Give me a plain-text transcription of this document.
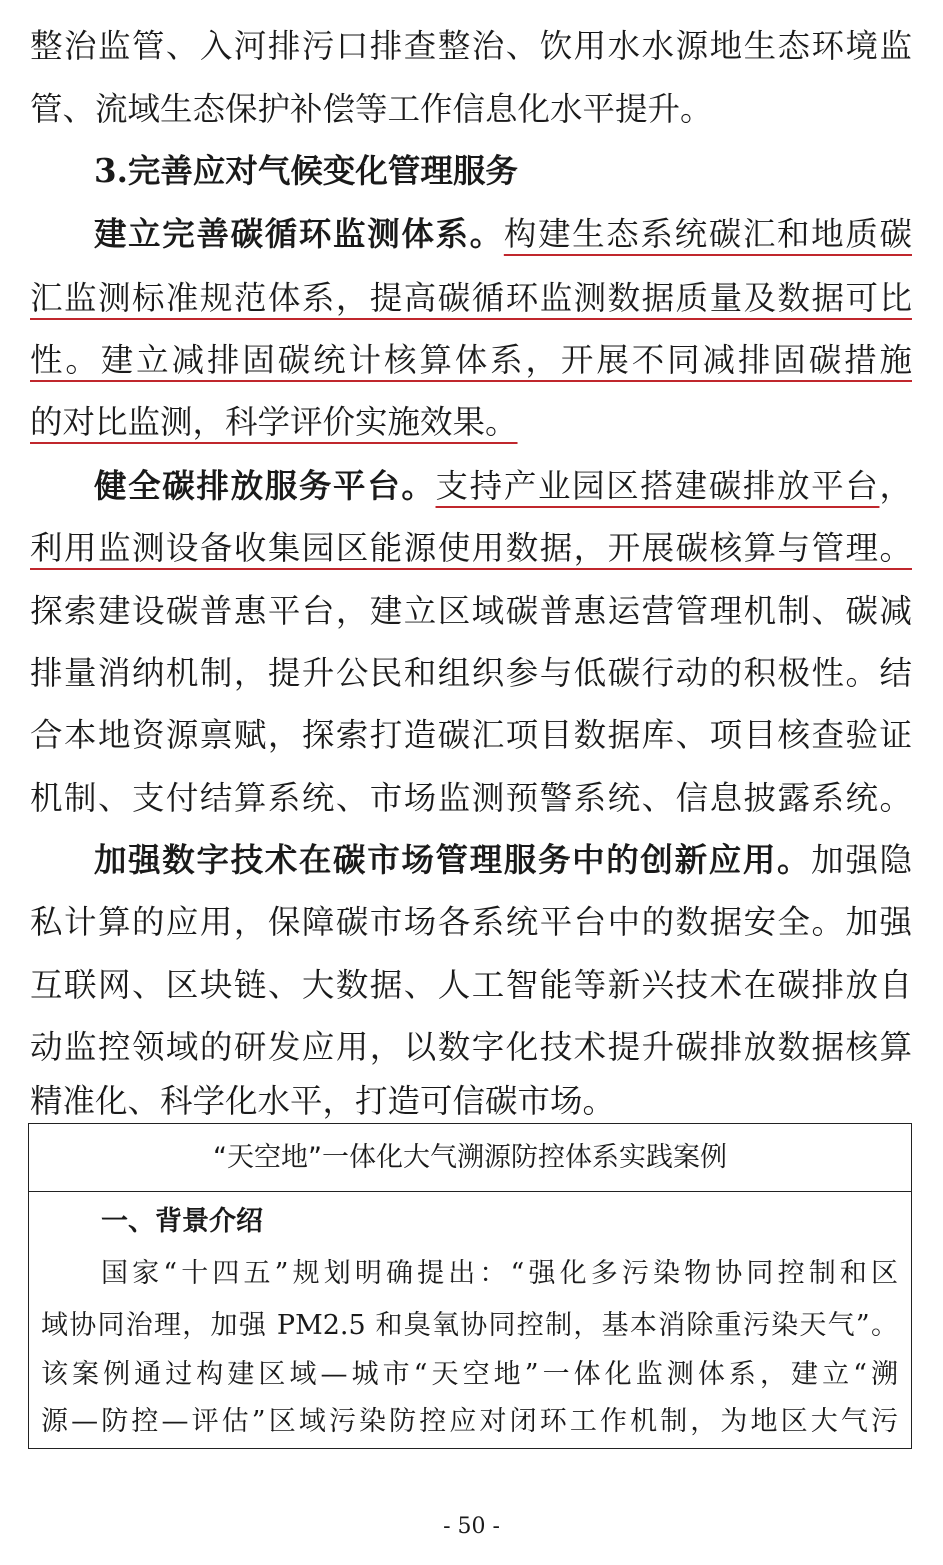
整治监管、入河排污口排查整治、饮用水水源地生态环境监
管、流域生态保护补偿等工作信息化水平提升。
3.完善应对气候变化管理服务
建立完善碳循环监测体系。构建生态系统碳汇和地质碳
汇监测标准规范体系，提高碳循环监测数据质量及数据可比
性。建立减排固碳统计核算体系，开展不同减排固碳措施
的对比监测，科学评价实施效果。
健全碳排放服务平台。支持产业园区搭建碳排放平台，
利用监测设备收集园区能源使用数据，开展碳核算与管理。
探索建设碳普惠平台，建立区域碳普惠运营管理机制、碳减
排量消纳机制，提升公民和组织参与低碳行动的积极性。结
合本地资源禀赋，探索打造碳汇项目数据库、项目核查验证
机制、支付结算系统、市场监测预警系统、信息披露系统。
加强数字技术在碳市场管理服务中的创新应用。加强隐
私计算的应用，保障碳市场各系统平台中的数据安全。加强
互联网、区块链、大数据、人工智能等新兴技术在碳排放自
动监控领域的研发应用，以数字化技术提升碳排放数据核算
精准化、科学化水平，打造可信碳市场。
“天空地”一体化大气溯源防控体系实践案例
一、背景介绍
国家“十四五”规划明确提出：“强化多污染物协同控制和区
域协同治理，加强 PM2.5 和臭氧协同控制，基本消除重污染天气”。
该案例通过构建区域—城市“天空地”一体化监测体系，建立“溯
源—防控—评估”区域污染防控应对闭环工作机制，为地区大气污
- 50 -
